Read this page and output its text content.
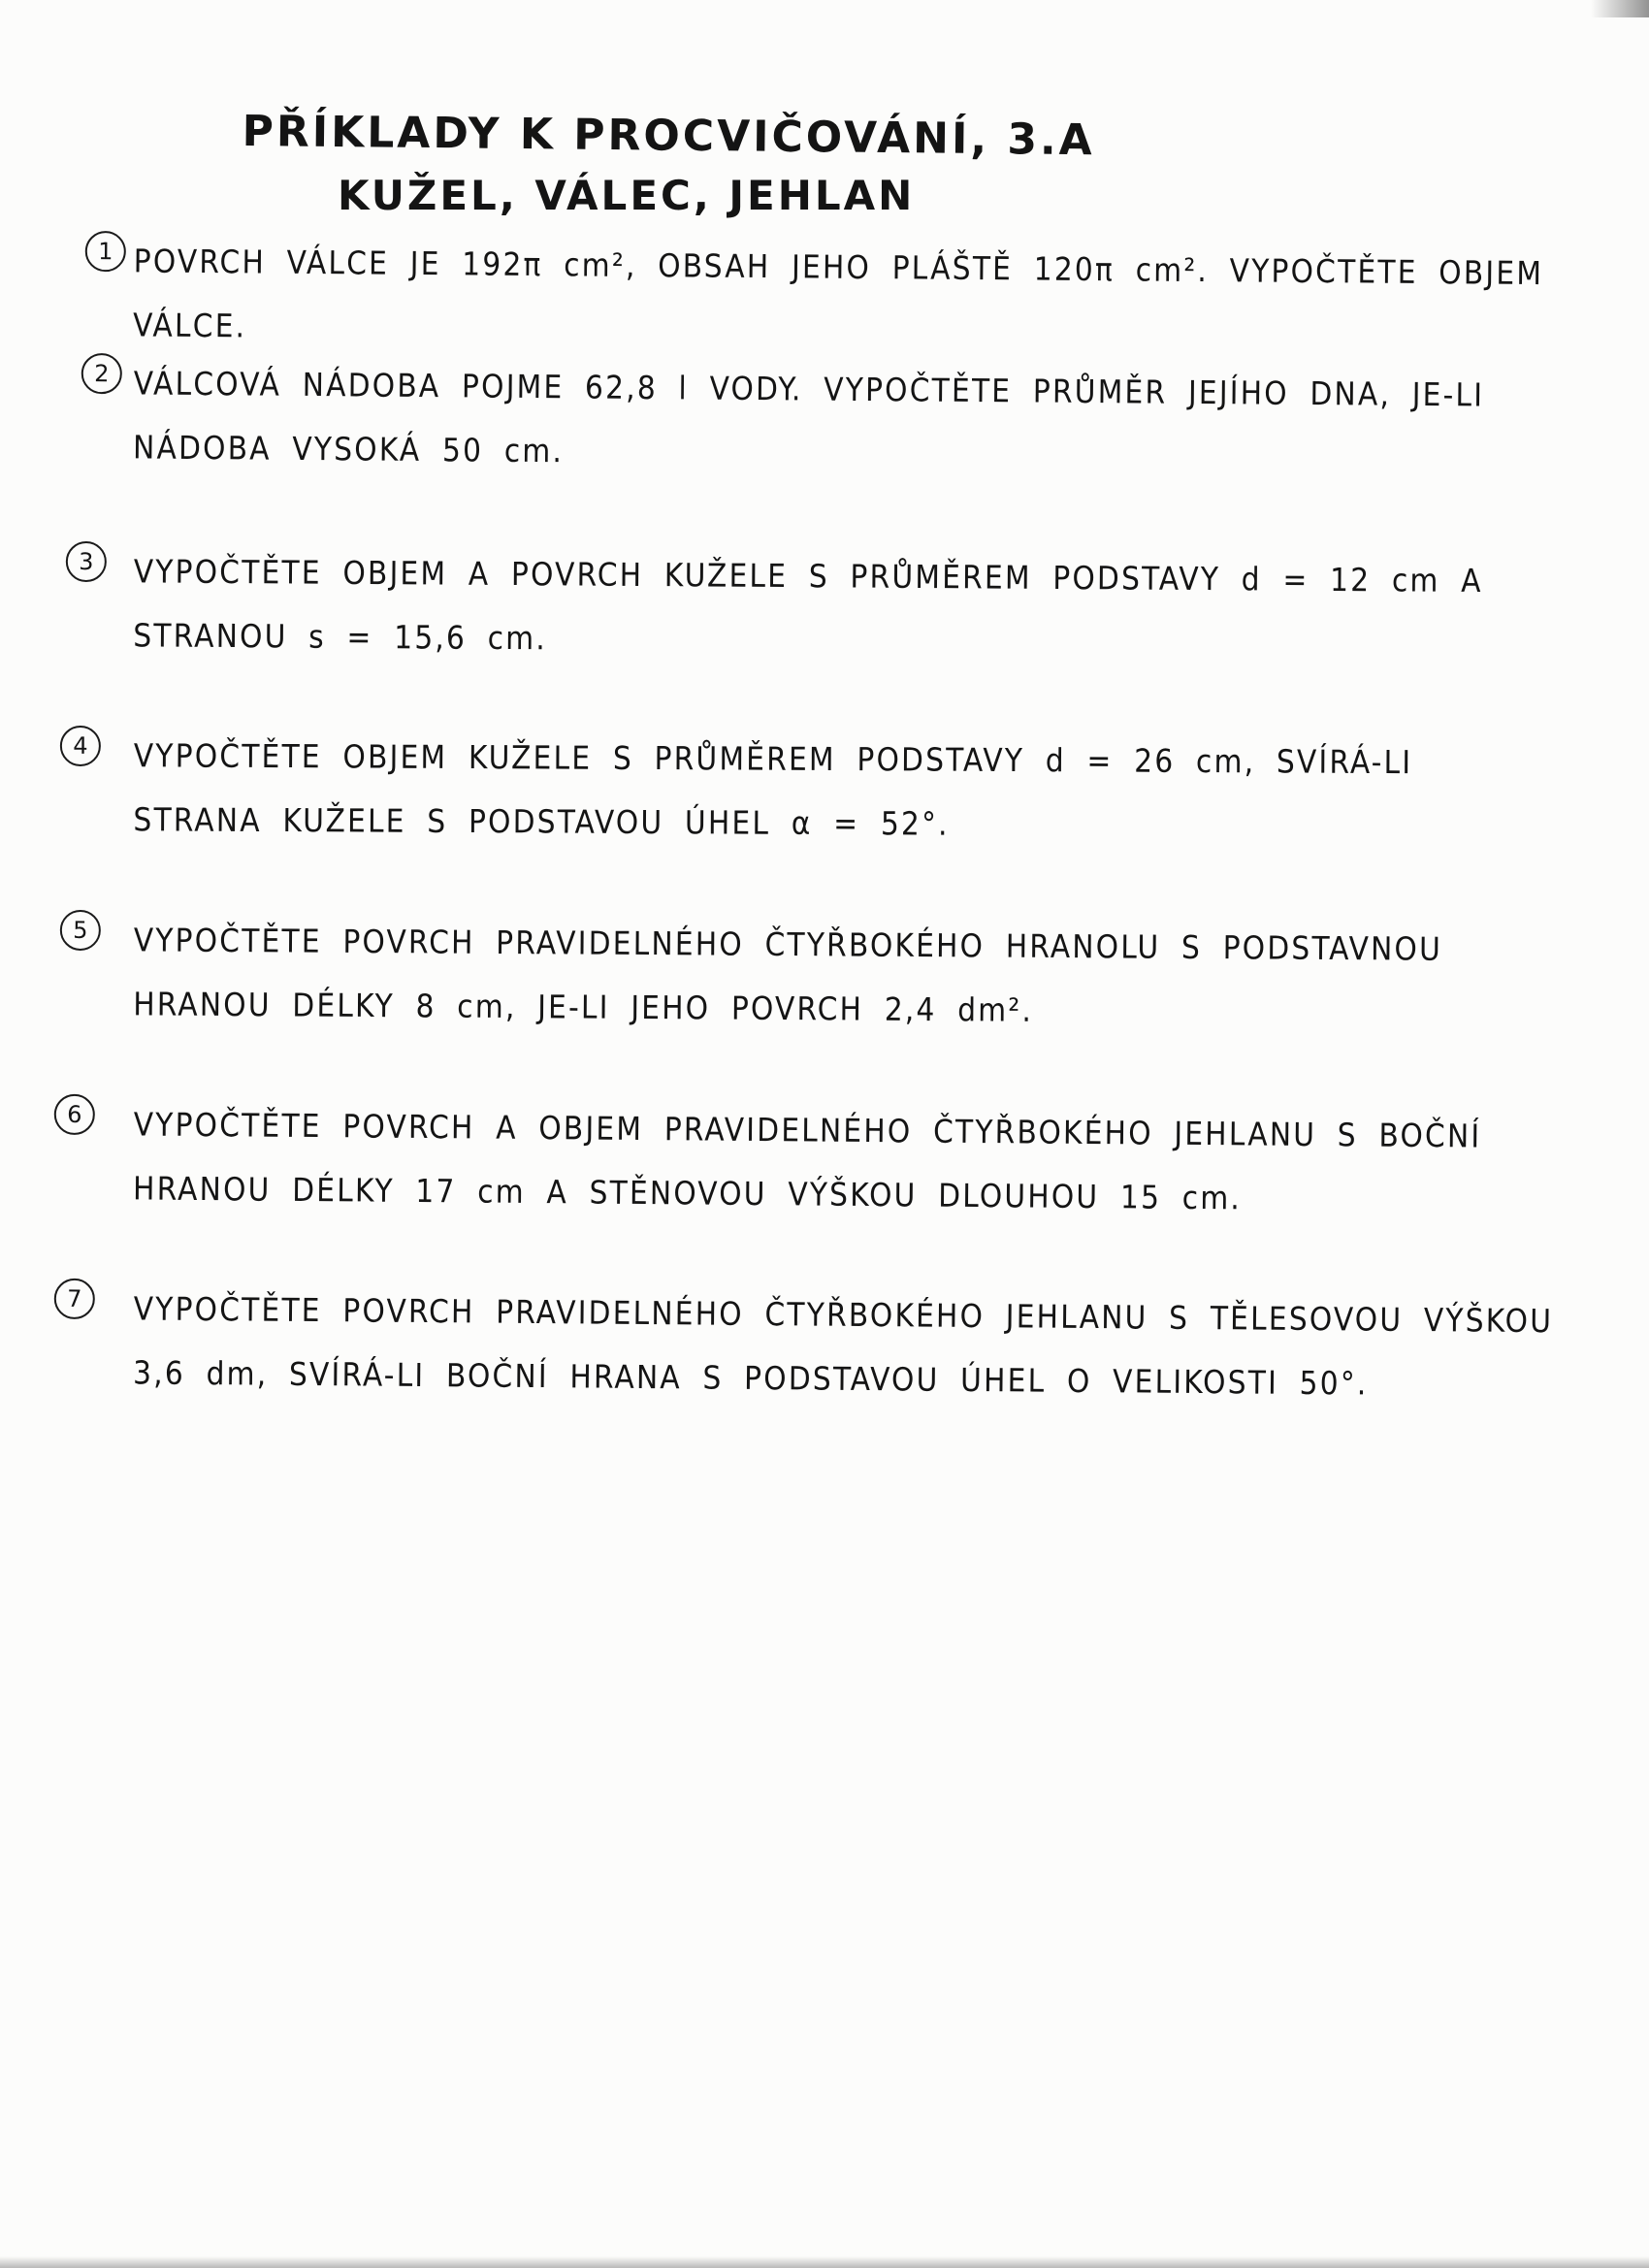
PŘÍKLADY K PROCVIČOVÁNÍ, 3.A
KUŽEL, VÁLEC, JEHLAN
1 POVRCH VÁLCE JE 192π cm², OBSAH JEHO PLÁŠTĚ 120π cm². VYPOČTĚTE OBJEM VÁLCE.
2 VÁLCOVÁ NÁDOBA POJME 62,8 l VODY. VYPOČTĚTE PRŮMĚR JEJÍHO DNA, JE-LI NÁDOBA VYSOKÁ 50 cm.
3	VYPOČTĚTE OBJEM A POVRCH KUŽELE S PRŮMĚREM PODSTAVY d = 12 cm A STRANOU s = 15,6 cm.
4	VYPOČTĚTE OBJEM KUŽELE S PRŮMĚREM PODSTAVY d = 26 cm, SVÍRÁ-LI STRANA KUŽELE S PODSTAVOU ÚHEL α = 52°.
5	VYPOČTĚTE POVRCH PRAVIDELNÉHO ČTYŘBOKÉHO HRANOLU S PODSTAVNOU HRANOU DÉLKY 8 cm, JE-LI JEHO POVRCH 2,4 dm².
6	VYPOČTĚTE POVRCH A OBJEM PRAVIDELNÉHO ČTYŘBOKÉHO JEHLANU S BOČNÍ HRANOU DÉLKY 17 cm A STĚNOVOU VÝŠKOU DLOUHOU 15 cm.
7	VYPOČTĚTE POVRCH PRAVIDELNÉHO ČTYŘBOKÉHO JEHLANU S TĚLESOVOU VÝŠKOU 3,6 dm, SVÍRÁ-LI BOČNÍ HRANA S PODSTAVOU ÚHEL O VELIKOSTI 50°.
